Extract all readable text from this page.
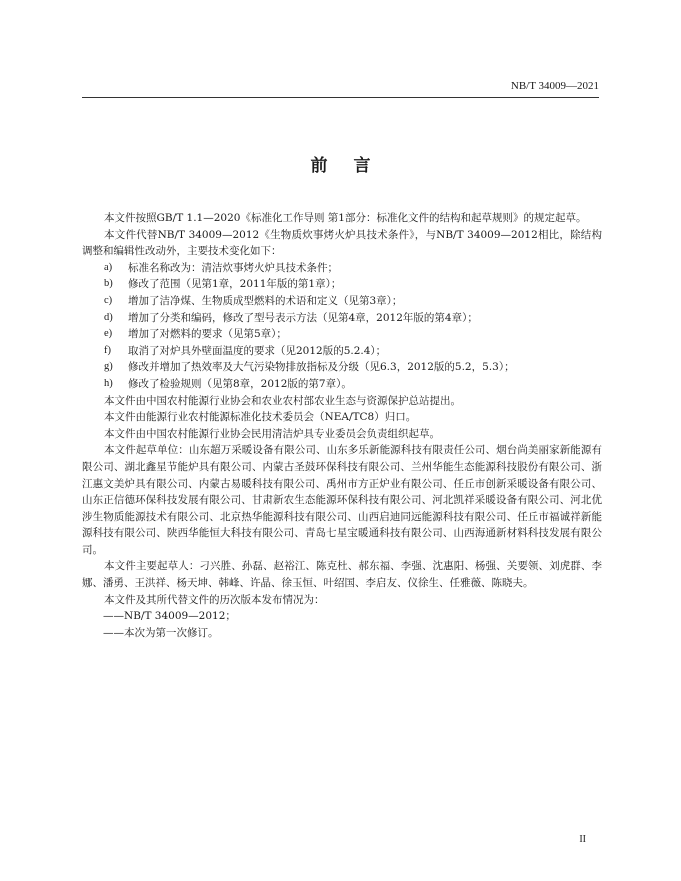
NB/T 34009—2021
前言

本文件按照GB/T 1.1—2020《标准化工作导则 第1部分：标准化文件的结构和起草规则》的规定起草。

本文件代替NB/T 34009—2012《生物质炊事烤火炉具技术条件》，与NB/T 34009—2012相比，除结构调整和编辑性改动外，主要技术变化如下：

a)	标准名称改为：清洁炊事烤火炉具技术条件；
b)	修改了范围（见第1章，2011年版的第1章）；
c)	增加了洁净煤、生物质成型燃料的术语和定义（见第3章）；
d)	增加了分类和编码，修改了型号表示方法（见第4章，2012年版的第4章）；
e)	增加了对燃料的要求（见第5章）；
f)	取消了对炉具外壁面温度的要求（见2012版的5.2.4）；
g)	修改并增加了热效率及大气污染物排放指标及分级（见6.3，2012版的5.2，5.3）；
h)	修改了检验规则（见第8章，2012版的第7章）。

本文件由中国农村能源行业协会和农业农村部农业生态与资源保护总站提出。

本文件由能源行业农村能源标准化技术委员会（NEA/TC8）归口。

本文件由中国农村能源行业协会民用清洁炉具专业委员会负责组织起草。

本文件起草单位：山东超万采暖设备有限公司、山东多乐新能源科技有限责任公司、烟台尚美丽家新能源有限公司、湖北鑫星节能炉具有限公司、内蒙古圣鼓环保科技有限公司、兰州华能生态能源科技股份有限公司、浙江惠文美炉具有限公司、内蒙古易暖科技有限公司、禹州市方正炉业有限公司、任丘市创新采暖设备有限公司、山东正信德环保科技发展有限公司、甘肃新农生态能源环保科技有限公司、河北凯祥采暖设备有限公司、河北优涉生物质能源技术有限公司、北京热华能源科技有限公司、山西启迪同远能源科技有限公司、任丘市福诚祥新能源科技有限公司、陕西华能恒大科技有限公司、青岛七星宝暖通科技有限公司、山西海通新材料科技发展有限公司。

本文件主要起草人：刁兴胜、孙磊、赵裕江、陈克杜、郝东福、李强、沈惠阳、杨强、关要领、刘虎群、李娜、潘勇、王洪祥、杨天坤、韩峰、许晶、徐玉恒、叶绍国、李启友、仪徐生、任雅薇、陈晓夫。

本文件及其所代替文件的历次版本发布情况为：

——NB/T 34009—2012；
——本次为第一次修订。
II
